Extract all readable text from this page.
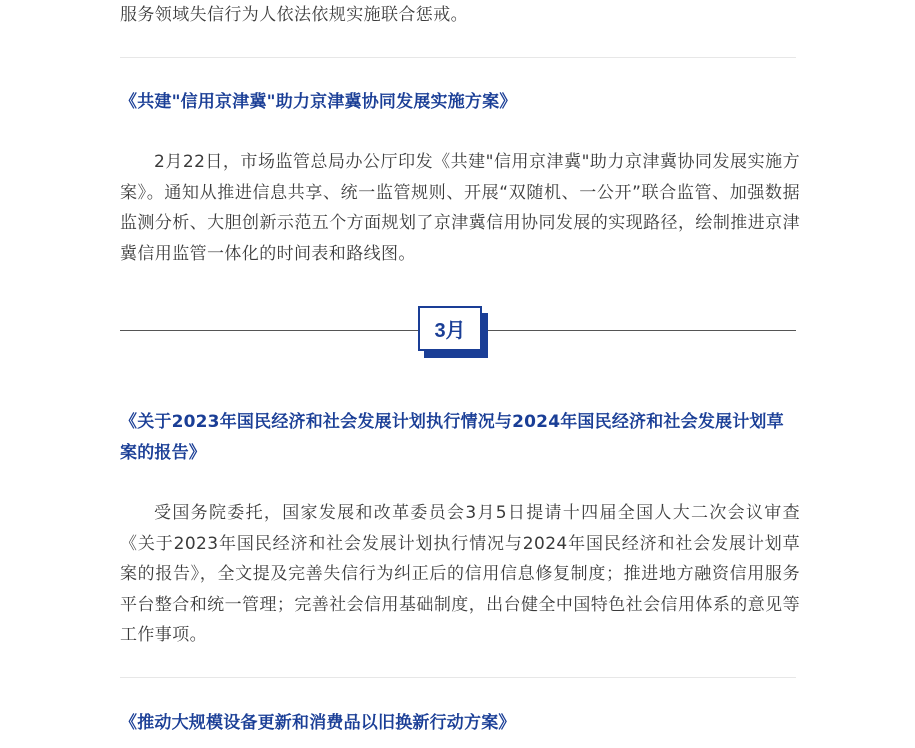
服务领域失信行为人依法依规实施联合惩戒。

《共建"信用京津冀"助力京津冀协同发展实施方案》

2月22日，市场监管总局办公厅印发《共建"信用京津冀"助力京津冀协同发展实施方案》。通知从推进信息共享、统一监管规则、开展“双随机、一公开”联合监管、加强数据监测分析、大胆创新示范五个方面规划了京津冀信用协同发展的实现路径，绘制推进京津冀信用监管一体化的时间表和路线图。

3月
《关于2023年国民经济和社会发展计划执行情况与2024年国民经济和社会发展计划草案的报告》

受国务院委托，国家发展和改革委员会3月5日提请十四届全国人大二次会议审查《关于2023年国民经济和社会发展计划执行情况与2024年国民经济和社会发展计划草案的报告》，全文提及完善失信行为纠正后的信用信息修复制度；推进地方融资信用服务平台整合和统一管理；完善社会信用基础制度，出台健全中国特色社会信用体系的意见等工作事项。

《推动大规模设备更新和消费品以旧换新行动方案》
